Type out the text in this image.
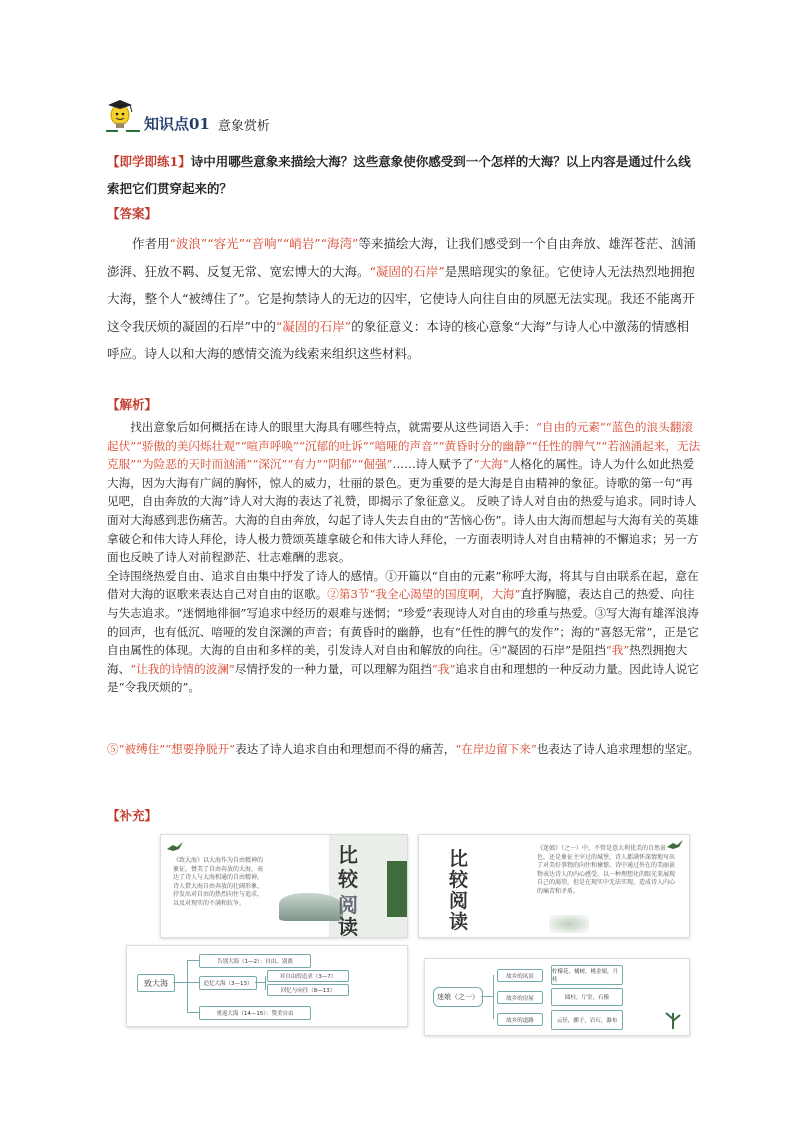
知识点01 意象赏析
【即学即练1】诗中用哪些意象来描绘大海？这些意象使你感受到一个怎样的大海？以上内容是通过什么线索把它们贯穿起来的？
【答案】
作者用“波浪”“容光”“音响”“峭岩”“海湾”等来描绘大海，让我们感受到一个自由奔放、雄浑苍茫、汹涌澎湃、狂放不羁、反复无常、宽宏博大的大海。“凝固的石岸”是黑暗现实的象征。它使诗人无法热烈地拥抱大海，整个人“被缚住了”。它是拘禁诗人的无边的囚牢，它使诗人向往自由的夙愿无法实现。我还不能离开这令我厌烦的凝固的石岸”中的“凝固的石岸”的象征意义：本诗的核心意象“大海”与诗人心中激荡的情感相呼应。诗人以和大海的感情交流为线索来组织这些材料。
【解析】

找出意象后如何概括在诗人的眼里大海具有哪些特点，就需要从这些词语入手：“自由的元素”“蓝色的浪头翻滚起伏”“骄傲的美闪烁壮观”“喧声呼唤”“沉郁的吐诉”“喑哑的声音”“黄昏时分的幽静”“任性的脾气”“若汹涌起来，无法克服”“为险恶的天时而汹涌”“深沉”“有力”“阴郁”“倔强”……诗人赋予了“大海”人格化的属性。诗人为什么如此热爱大海，因为大海有广阔的胸怀，惊人的威力，壮丽的景色。更为重要的是大海是自由精神的象征。诗歌的第一句“再见吧，自由奔放的大海”诗人对大海的表达了礼赞，即揭示了象征意义。 反映了诗人对自由的热爱与追求。同时诗人面对大海感到悲伤痛苦。大海的自由奔放，勾起了诗人失去自由的“苦恼心伤”。诗人由大海而想起与大海有关的英雄拿破仑和伟大诗人拜伦，诗人极力赞颂英雄拿破仑和伟大诗人拜伦，一方面表明诗人对自由精神的不懈追求；另一方面也反映了诗人对前程渺茫、壮志难酬的悲哀。

全诗围绕热爱自由、追求自由集中抒发了诗人的感情。①开篇以“自由的元素”称呼大海，将其与自由联系在起，意在借对大海的讴歌来表达自己对自由的讴歌。②第3节“我全心渴望的国度啊，大海”直抒胸臆，表达自己的热爱、向往与失志追求。“迷惘地徘徊”写追求中经历的艰难与迷惘；“珍爱”表现诗人对自由的珍重与热爱。③写大海有雄浑浪涛的回声，也有低沉、喑哑的发自深渊的声音；有黄昏时的幽静，也有“任性的脾气的发作”；海的“喜怒无常”，正是它自由属性的体现。大海的自由和多样的美，引发诗人对自由和解放的向往。④“凝固的石岸”是阻挡“我”热烈拥抱大海、“让我的诗情的波澜”尽情抒发的一种力量，可以理解为阻挡“我”追求自由和理想的一种反动力量。因此诗人说它是“令我厌烦的”。

⑤“被缚住”“想要挣脱开”表达了诗人追求自由和理想而不得的痛苦，“在岸边留下来”也表达了诗人追求理想的坚定。
【补充】
《致大海》以大海作为自由精神的象征，赞美了自由奔放的大海，表达了诗人与大海相通的自由精神，诗人借大海自由奔放的壮阔形象，抒发出对自由的热烈向往与追求，以及对现实的不满和抗争。
比
较
阅
读
比较阅读
《迷娘》（之一）中，不管是意大利优美的自然景色，还是象征主宰过的城堡，诗人都满怀深情地写出了对美好事物的向往和憧憬。诗中通过外在的美丽景物表达诗人的内心感受，以一种理想化的眼光来展现自己的渴望，但是在现实中无法实现，造成诗人内心的痛苦和矛盾。
致大海
告别大海（1—2）：自由、别离
追忆大海（3—13）
对自由的追求（3—7）
回忆与向往（8—13）
重返大海（14—15）：赞美自由
迷娘（之一）
故乡的风景
故乡的房屋
故乡的道路
柠檬花，橘树，桃金娘，月桂
圆柱，厅堂，石像
云径，骡子，岩石，瀑布
